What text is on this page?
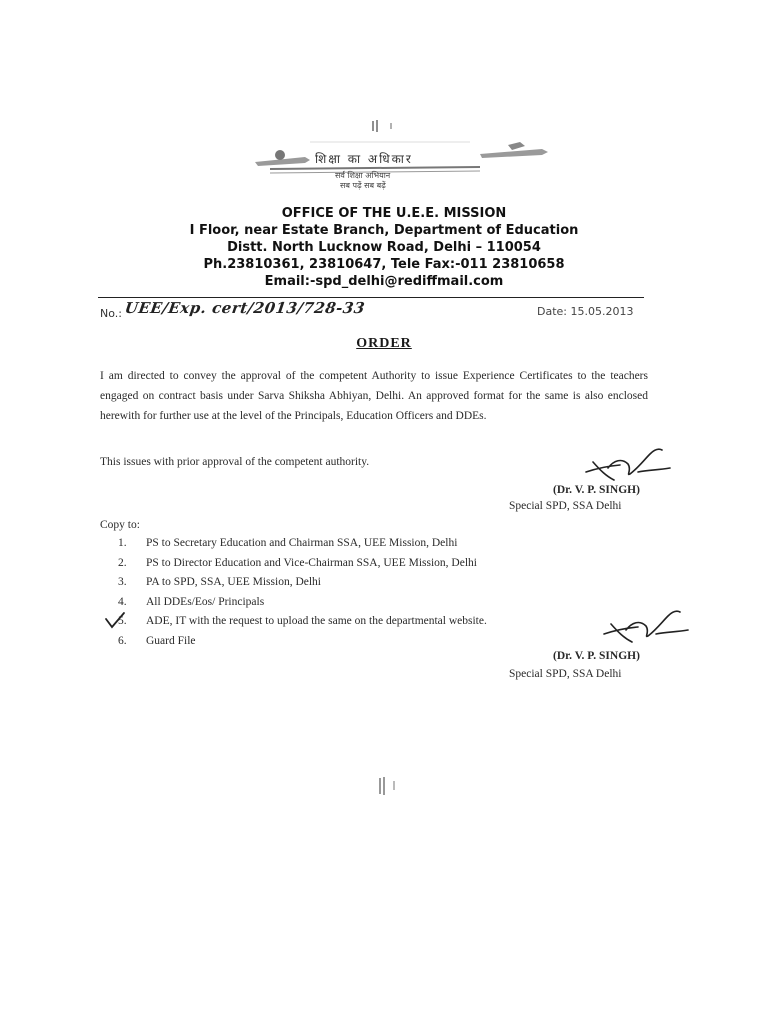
शिक्षा का अधिकार
सर्व शिक्षा अभियान
सब पढ़ें सब बढ़ें
OFFICE OF THE U.E.E. MISSION
I Floor, near Estate Branch, Department of Education
Distt. North Lucknow Road, Delhi – 110054
Ph.23810361, 23810647, Tele Fax:-011 23810658
Email:-spd_delhi@rediffmail.com
No.: UEE/Exp. cert/2013/728-33	Date: 15.05.2013
ORDER
I am directed to convey the approval of the competent Authority to issue Experience Certificates to the teachers engaged on contract basis under Sarva Shiksha Abhiyan, Delhi. An approved format for the same is also enclosed herewith for further use at the level of the Principals, Education Officers and DDEs.
This issues with prior approval of the competent authority.
(Dr. V. P. SINGH)
Special SPD, SSA Delhi
Copy to:
1.	PS to Secretary Education and Chairman SSA, UEE Mission, Delhi
2.	PS to Director Education and Vice-Chairman SSA, UEE Mission, Delhi
3.	PA to SPD, SSA, UEE Mission, Delhi
4.	All DDEs/Eos/ Principals
5.	ADE, IT with the request to upload the same on the departmental website.
6.	Guard File
(Dr. V. P. SINGH)
Special SPD, SSA Delhi
